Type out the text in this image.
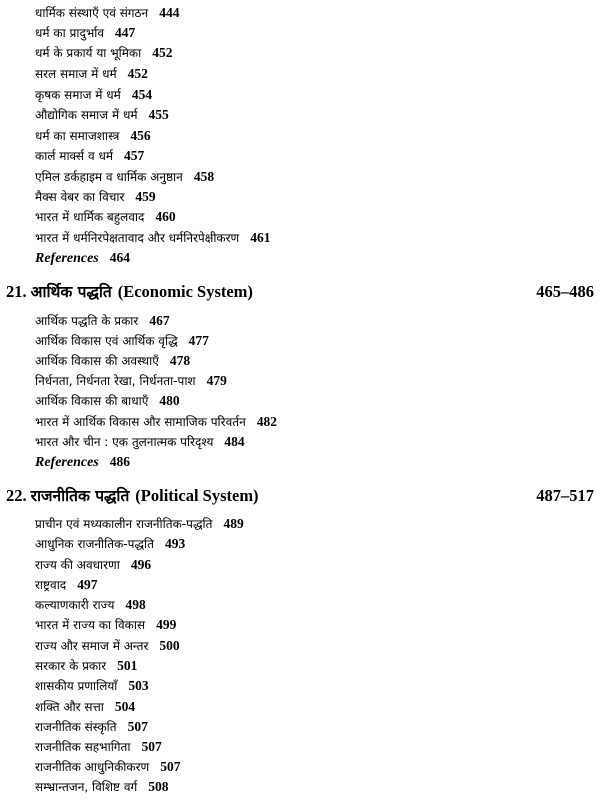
धार्मिक संस्थाएँ एवं संगठन 444
धर्म का प्रादुर्भाव 447
धर्म के प्रकार्य या भूमिका 452
सरल समाज में धर्म 452
कृषक समाज में धर्म 454
औद्योगिक समाज में धर्म 455
धर्म का समाजशास्त्र 456
कार्ल मार्क्स व धर्म 457
एमिल डर्कहाइम व धार्मिक अनुष्ठान 458
मैक्स वेबर का विचार 459
भारत में धार्मिक बहुलवाद 460
भारत में धर्मनिरपेक्षतावाद और धर्मनिरपेक्षीकरण 461
References 464
21. आर्थिक पद्धति (Economic System)	465–486
आर्थिक पद्धति के प्रकार 467
आर्थिक विकास एवं आर्थिक वृद्धि 477
आर्थिक विकास की अवस्थाएँ 478
निर्धनता, निर्धनता रेखा, निर्धनता-पाश 479
आर्थिक विकास की बाधाएँ 480
भारत में आर्थिक विकास और सामाजिक परिवर्तन 482
भारत और चीन : एक तुलनात्मक परिदृश्य 484
References 486
22. राजनीतिक पद्धति (Political System)	487–517
प्राचीन एवं मध्यकालीन राजनीतिक-पद्धति 489
आधुनिक राजनीतिक-पद्धति 493
राज्य की अवधारणा 496
राष्ट्रवाद 497
कल्याणकारी राज्य 498
भारत में राज्य का विकास 499
राज्य और समाज में अन्तर 500
सरकार के प्रकार 501
शासकीय प्रणालियाँ 503
शक्ति और सत्ता 504
राजनीतिक संस्कृति 507
राजनीतिक सहभागिता 507
राजनीतिक आधुनिकीकरण 507
सम्भ्रान्तजन, विशिष्ट वर्ग 508
